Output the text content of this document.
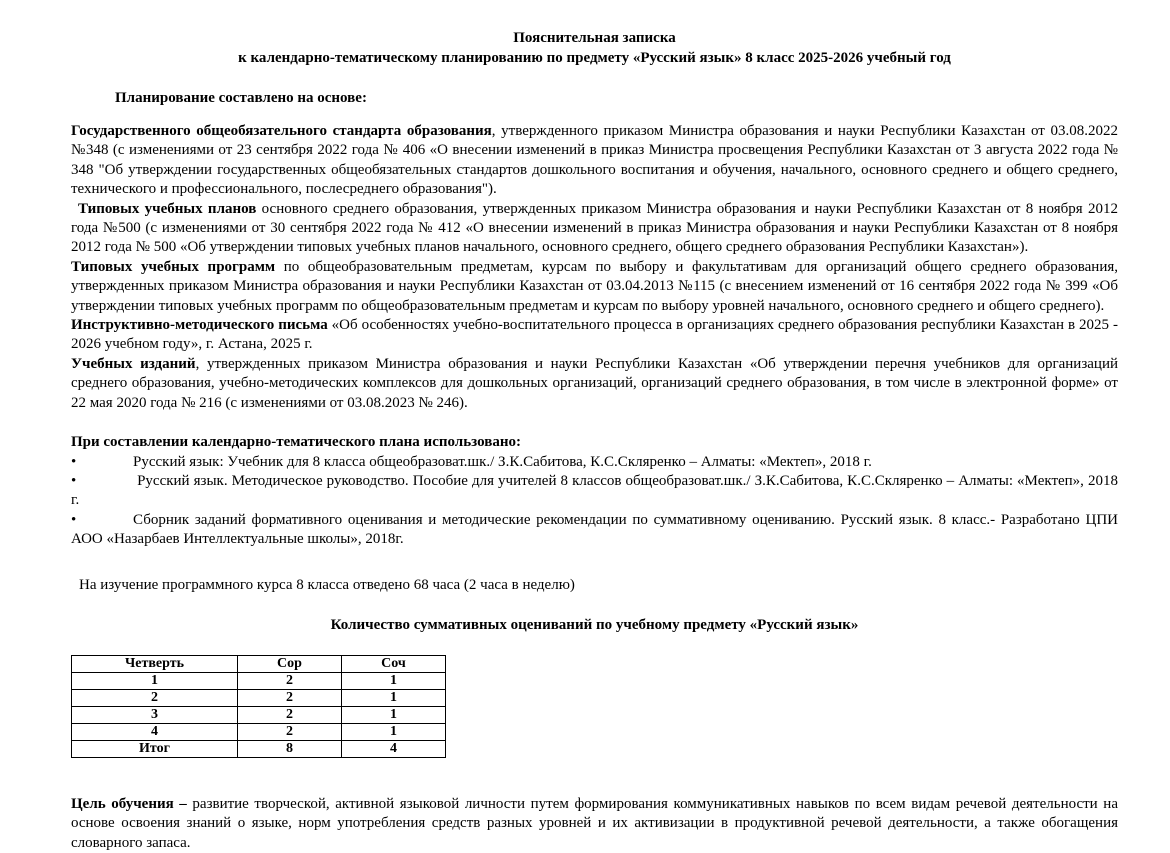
Пояснительная записка
к календарно-тематическому планированию по предмету «Русский язык» 8 класс 2025-2026 учебный год
Планирование составлено на основе:

Государственного общеобязательного стандарта образования, утвержденного приказом Министра образования и науки Республики Казахстан от 03.08.2022 №348 (с изменениями от 23 сентября 2022 года № 406 «О внесении изменений в приказ Министра просвещения Республики Казахстан от 3 августа 2022 года № 348 "Об утверждении государственных общеобязательных стандартов дошкольного воспитания и обучения, начального, основного среднего и общего среднего, технического и профессионального, послесреднего образования").

Типовых учебных планов основного среднего образования, утвержденных приказом Министра образования и науки Республики Казахстан от 8 ноября 2012 года №500 (с изменениями от 30 сентября 2022 года № 412 «О внесении изменений в приказ Министра образования и науки Республики Казахстан от 8 ноября 2012 года № 500 «Об утверждении типовых учебных планов начального, основного среднего, общего среднего образования Республики Казахстан»).

Типовых учебных программ по общеобразовательным предметам, курсам по выбору и факультативам для организаций общего среднего образования, утвержденных приказом Министра образования и науки Республики Казахстан от 03.04.2013 №115 (с внесением изменений от 16 сентября 2022 года № 399 «Об утверждении типовых учебных программ по общеобразовательным предметам и курсам по выбору уровней начального, основного среднего и общего среднего).

Инструктивно-методического письма «Об особенностях учебно-воспитательного процесса в организациях среднего образования республики Казахстан в 2025 - 2026 учебном году», г. Астана, 2025 г.

Учебных изданий, утвержденных приказом Министра образования и науки Республики Казахстан «Об утверждении перечня учебников для организаций среднего образования, учебно-методических комплексов для дошкольных организаций, организаций среднего образования, в том числе в электронной форме» от 22 мая 2020 года № 216 (с изменениями от 03.08.2023 № 246).

При составлении календарно-тематического плана использовано:

•	Русский язык: Учебник для 8 класса общеобразоват.шк./ З.К.Сабитова, К.С.Скляренко – Алматы: «Мектеп», 2018 г.

•	Русский язык. Методическое руководство. Пособие для учителей 8 классов общеобразоват.шк./ З.К.Сабитова, К.С.Скляренко – Алматы: «Мектеп», 2018 г.

•	Сборник заданий формативного оценивания и методические рекомендации по суммативному оцениванию. Русский язык. 8 класс.- Разработано ЦПИ АОО «Назарбаев Интеллектуальные школы», 2018г.

На изучение программного курса 8 класса отведено 68 часа (2 часа в неделю)
Количество суммативных оцениваний по учебному предмету «Русский язык»
Четверть	Сор	Соч
1	2	1
2	2	1
3	2	1
4	2	1
Итог	8	4

Цель обучения – развитие творческой, активной языковой личности путем формирования коммуникативных навыков по всем видам речевой деятельности на основе освоения знаний о языке, норм употребления средств разных уровней и их активизации в продуктивной речевой деятельности, а также обогащения словарного запаса.
